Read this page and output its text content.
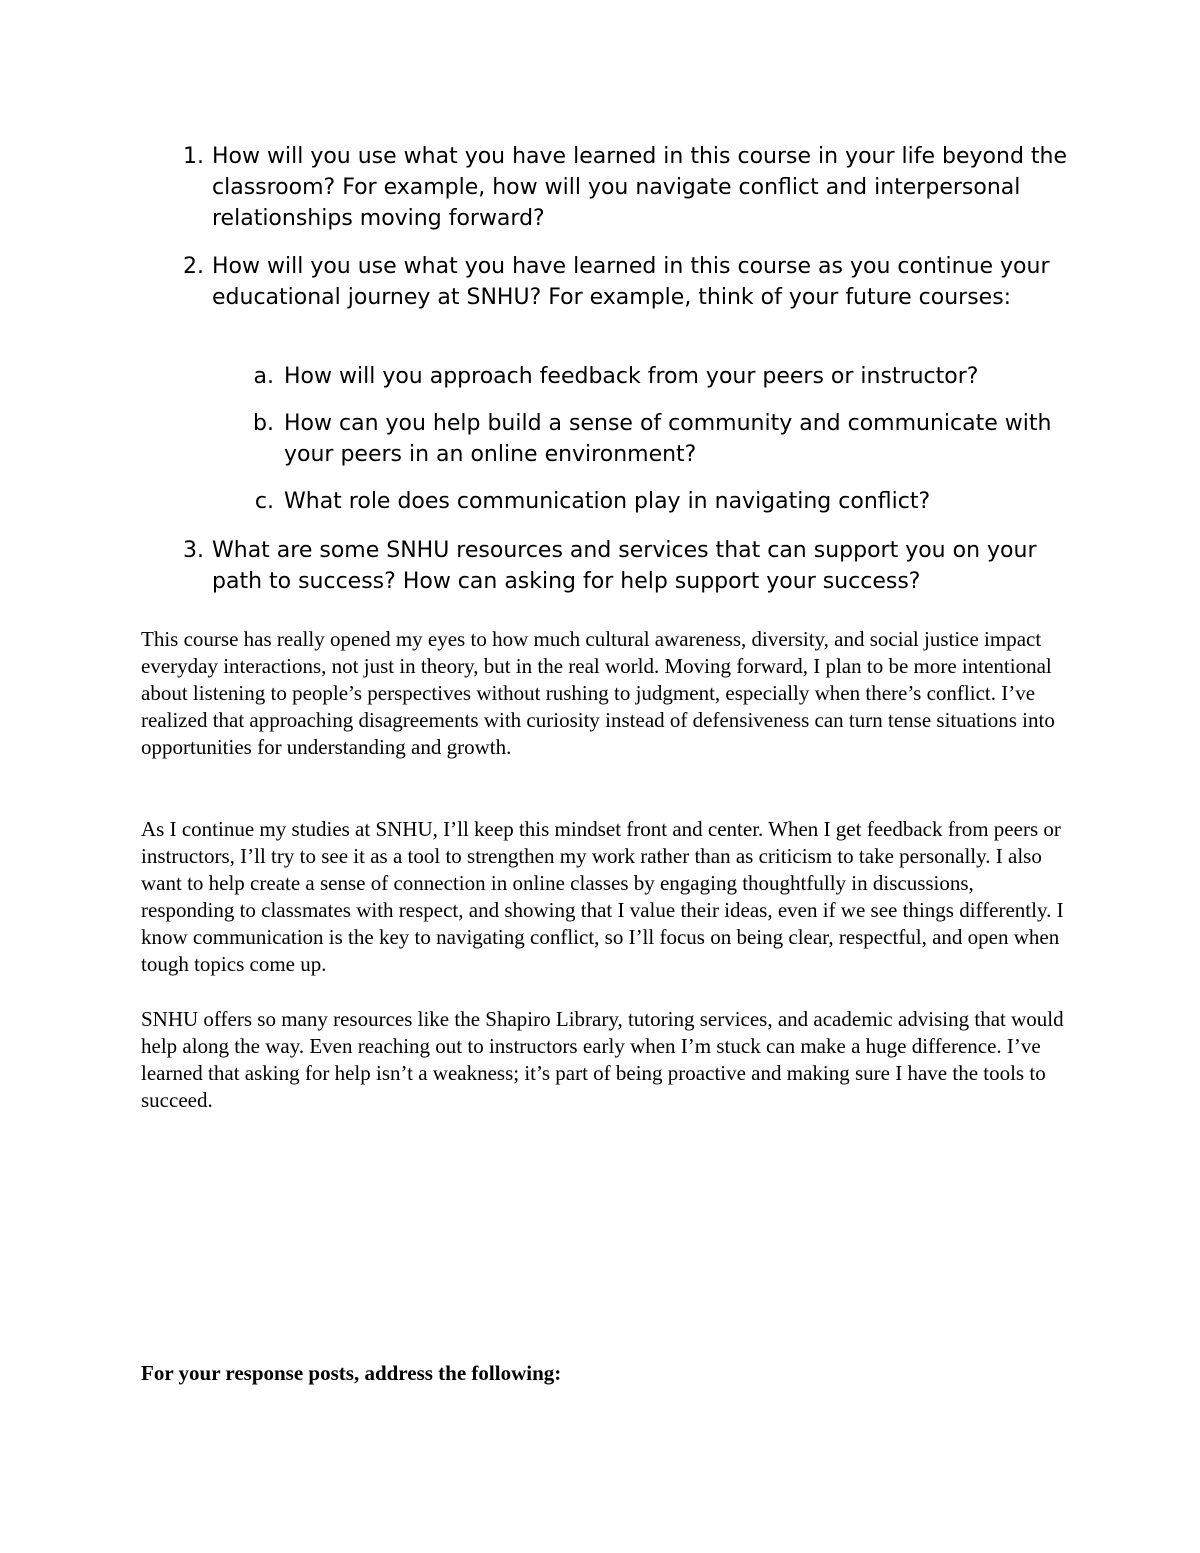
1. How will you use what you have learned in this course in your life beyond the classroom? For example, how will you navigate conflict and interpersonal relationships moving forward?
2. How will you use what you have learned in this course as you continue your educational journey at SNHU? For example, think of your future courses:
a. How will you approach feedback from your peers or instructor?
b. How can you help build a sense of community and communicate with your peers in an online environment?
c. What role does communication play in navigating conflict?
3. What are some SNHU resources and services that can support you on your path to success? How can asking for help support your success?

This course has really opened my eyes to how much cultural awareness, diversity, and social justice impact everyday interactions, not just in theory, but in the real world. Moving forward, I plan to be more intentional about listening to people’s perspectives without rushing to judgment, especially when there’s conflict. I’ve realized that approaching disagreements with curiosity instead of defensiveness can turn tense situations into opportunities for understanding and growth.

As I continue my studies at SNHU, I’ll keep this mindset front and center. When I get feedback from peers or instructors, I’ll try to see it as a tool to strengthen my work rather than as criticism to take personally. I also want to help create a sense of connection in online classes by engaging thoughtfully in discussions, responding to classmates with respect, and showing that I value their ideas, even if we see things differently. I know communication is the key to navigating conflict, so I’ll focus on being clear, respectful, and open when tough topics come up.

SNHU offers so many resources like the Shapiro Library, tutoring services, and academic advising that would help along the way. Even reaching out to instructors early when I’m stuck can make a huge difference. I’ve learned that asking for help isn’t a weakness; it’s part of being proactive and making sure I have the tools to succeed.

For your response posts, address the following:
